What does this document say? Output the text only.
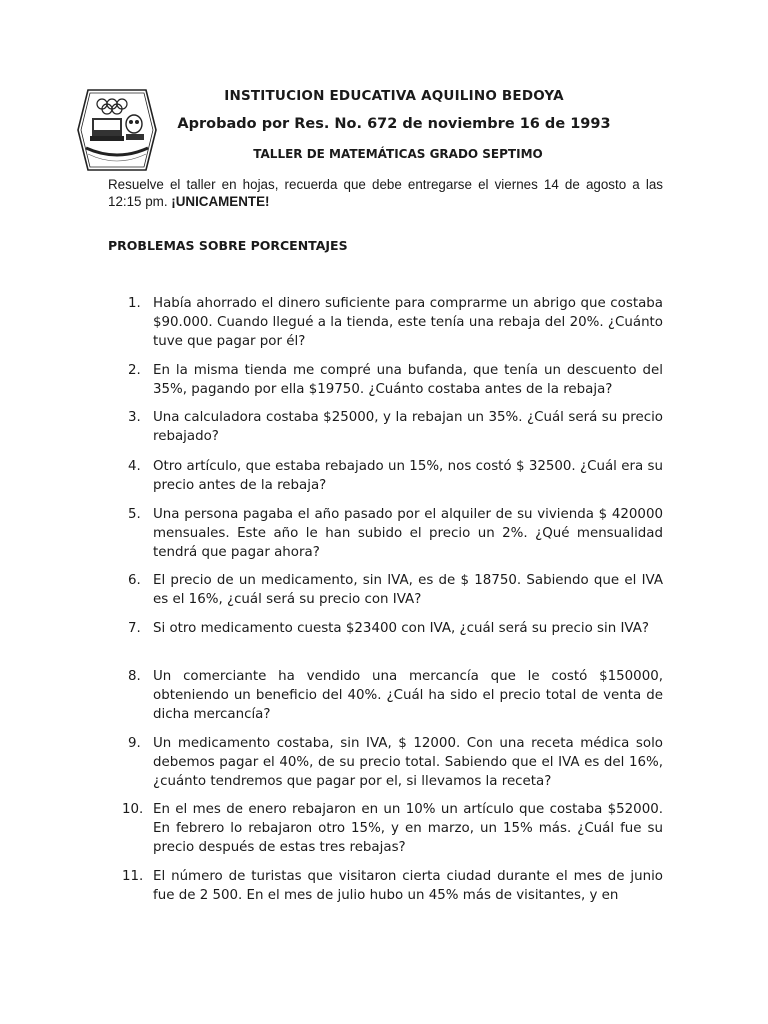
INSTITUCION EDUCATIVA AQUILINO BEDOYA
Aprobado por Res. No. 672 de noviembre 16 de 1993
TALLER DE MATEMÁTICAS GRADO SEPTIMO
Resuelve el taller en hojas, recuerda que debe entregarse el viernes 14 de agosto a las 12:15 pm. ¡UNICAMENTE!
PROBLEMAS SOBRE PORCENTAJES
1. Había ahorrado el dinero suficiente para comprarme un abrigo que costaba $90.000. Cuando llegué a la tienda, este tenía una rebaja del 20%. ¿Cuánto tuve que pagar por él?
2. En la misma tienda me compré una bufanda, que tenía un descuento del 35%, pagando por ella $19750. ¿Cuánto costaba antes de la rebaja?
3. Una calculadora costaba $25000, y la rebajan un 35%. ¿Cuál será su precio rebajado?
4. Otro artículo, que estaba rebajado un 15%, nos costó $ 32500. ¿Cuál era su precio antes de la rebaja?
5. Una persona pagaba el año pasado por el alquiler de su vivienda $ 420000 mensuales. Este año le han subido el precio un 2%. ¿Qué mensualidad tendrá que pagar ahora?
6. El precio de un medicamento, sin IVA, es de $ 18750. Sabiendo que el IVA es el 16%, ¿cuál será su precio con IVA?
7. Si otro medicamento cuesta $23400 con IVA, ¿cuál será su precio sin IVA?
8. Un comerciante ha vendido una mercancía que le costó $150000, obteniendo un beneficio del 40%. ¿Cuál ha sido el precio total de venta de dicha mercancía?
9. Un medicamento costaba, sin IVA, $ 12000. Con una receta médica solo debemos pagar el 40%, de su precio total. Sabiendo que el IVA es del 16%, ¿cuánto tendremos que pagar por el, si llevamos la receta?
10. En el mes de enero rebajaron en un 10% un artículo que costaba $52000. En febrero lo rebajaron otro 15%, y en marzo, un 15% más. ¿Cuál fue su precio después de estas tres rebajas?
11. El número de turistas que visitaron cierta ciudad durante el mes de junio fue de 2 500. En el mes de julio hubo un 45% más de visitantes, y en
